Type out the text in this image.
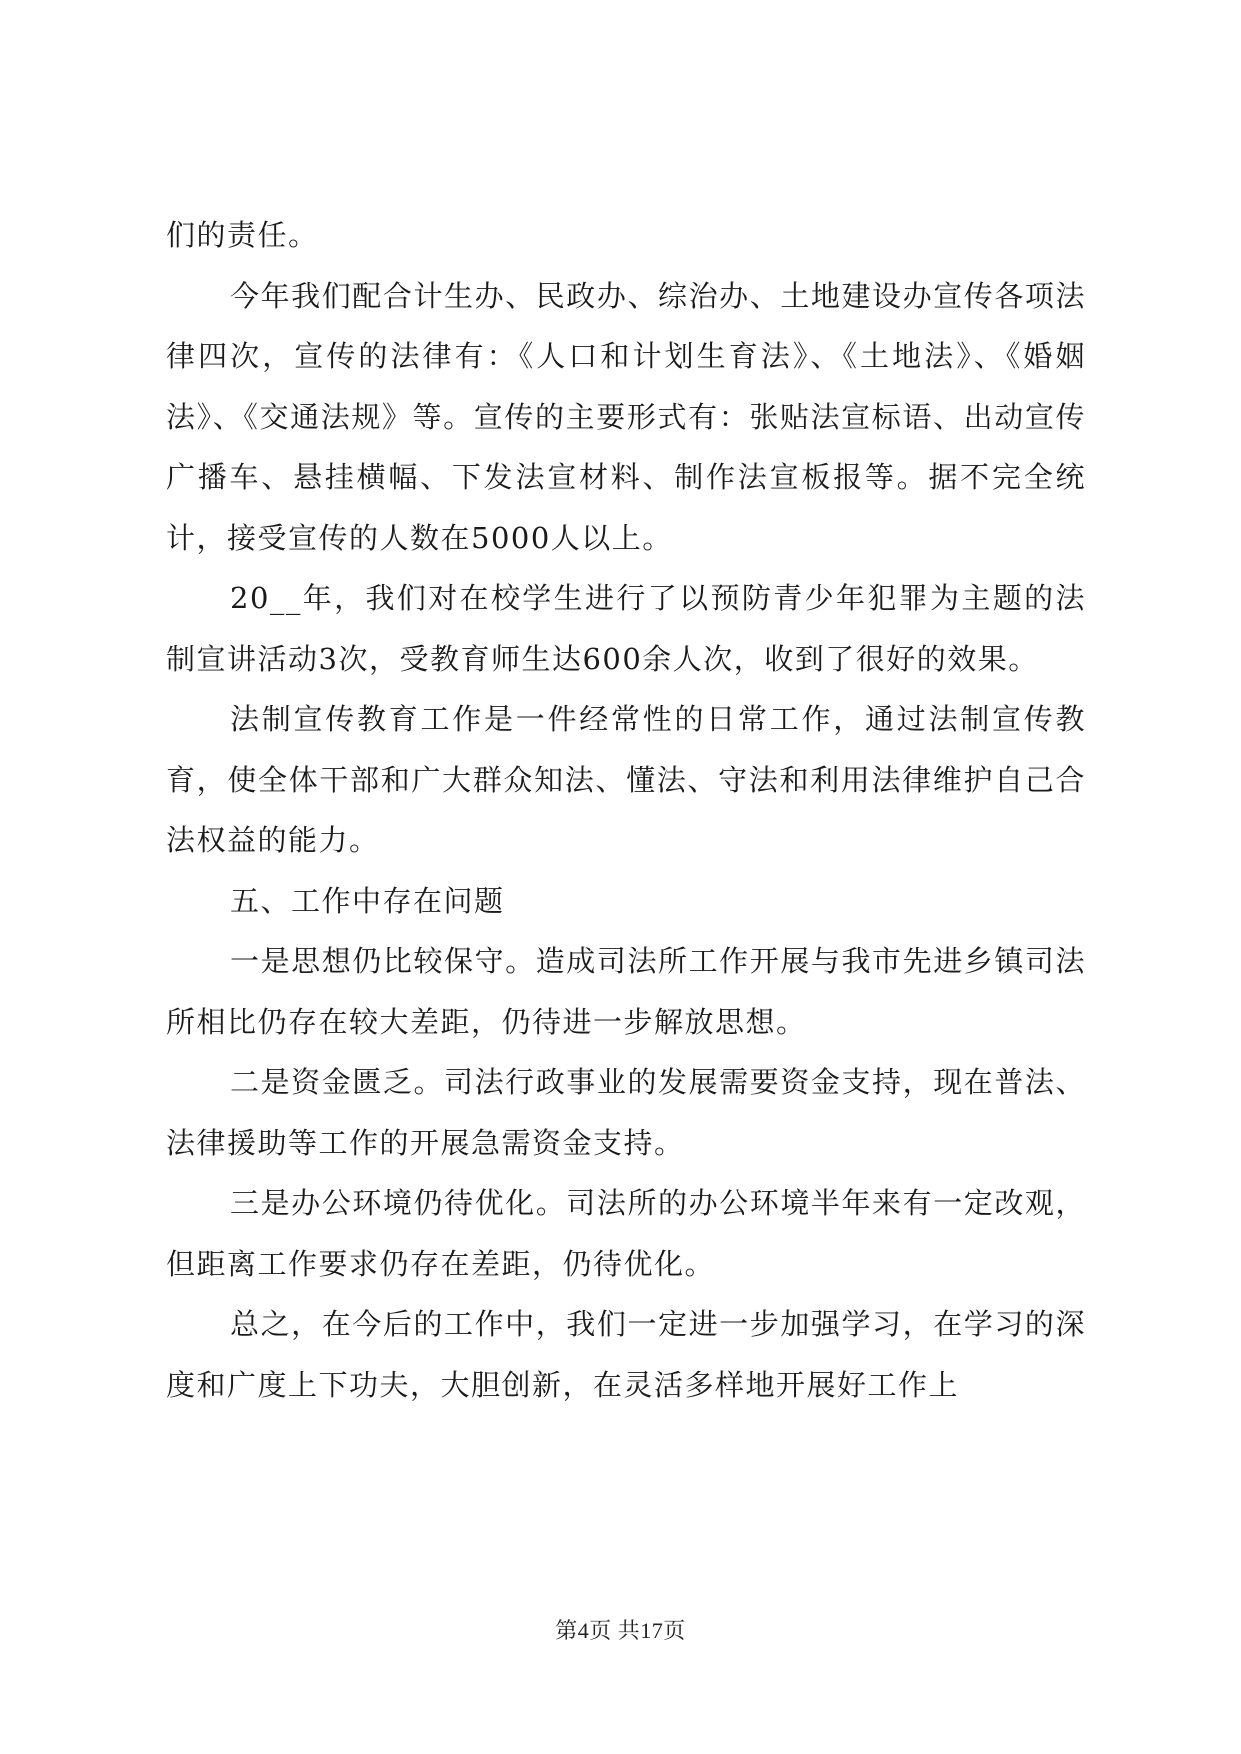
们的责任。

今年我们配合计生办、民政办、综治办、土地建设办宣传各项法律四次，宣传的法律有：《人口和计划生育法》、《土地法》、《婚姻法》、《交通法规》等。宣传的主要形式有：张贴法宣标语、出动宣传广播车、悬挂横幅、下发法宣材料、制作法宣板报等。据不完全统计，接受宣传的人数在5000人以上。

20__年，我们对在校学生进行了以预防青少年犯罪为主题的法制宣讲活动3次，受教育师生达600余人次，收到了很好的效果。

法制宣传教育工作是一件经常性的日常工作，通过法制宣传教育，使全体干部和广大群众知法、懂法、守法和利用法律维护自己合法权益的能力。

五、工作中存在问题

一是思想仍比较保守。造成司法所工作开展与我市先进乡镇司法所相比仍存在较大差距，仍待进一步解放思想。

二是资金匮乏。司法行政事业的发展需要资金支持，现在普法、法律援助等工作的开展急需资金支持。

三是办公环境仍待优化。司法所的办公环境半年来有一定改观，但距离工作要求仍存在差距，仍待优化。

总之，在今后的工作中，我们一定进一步加强学习，在学习的深度和广度上下功夫，大胆创新，在灵活多样地开展好工作上

第4页 共17页
